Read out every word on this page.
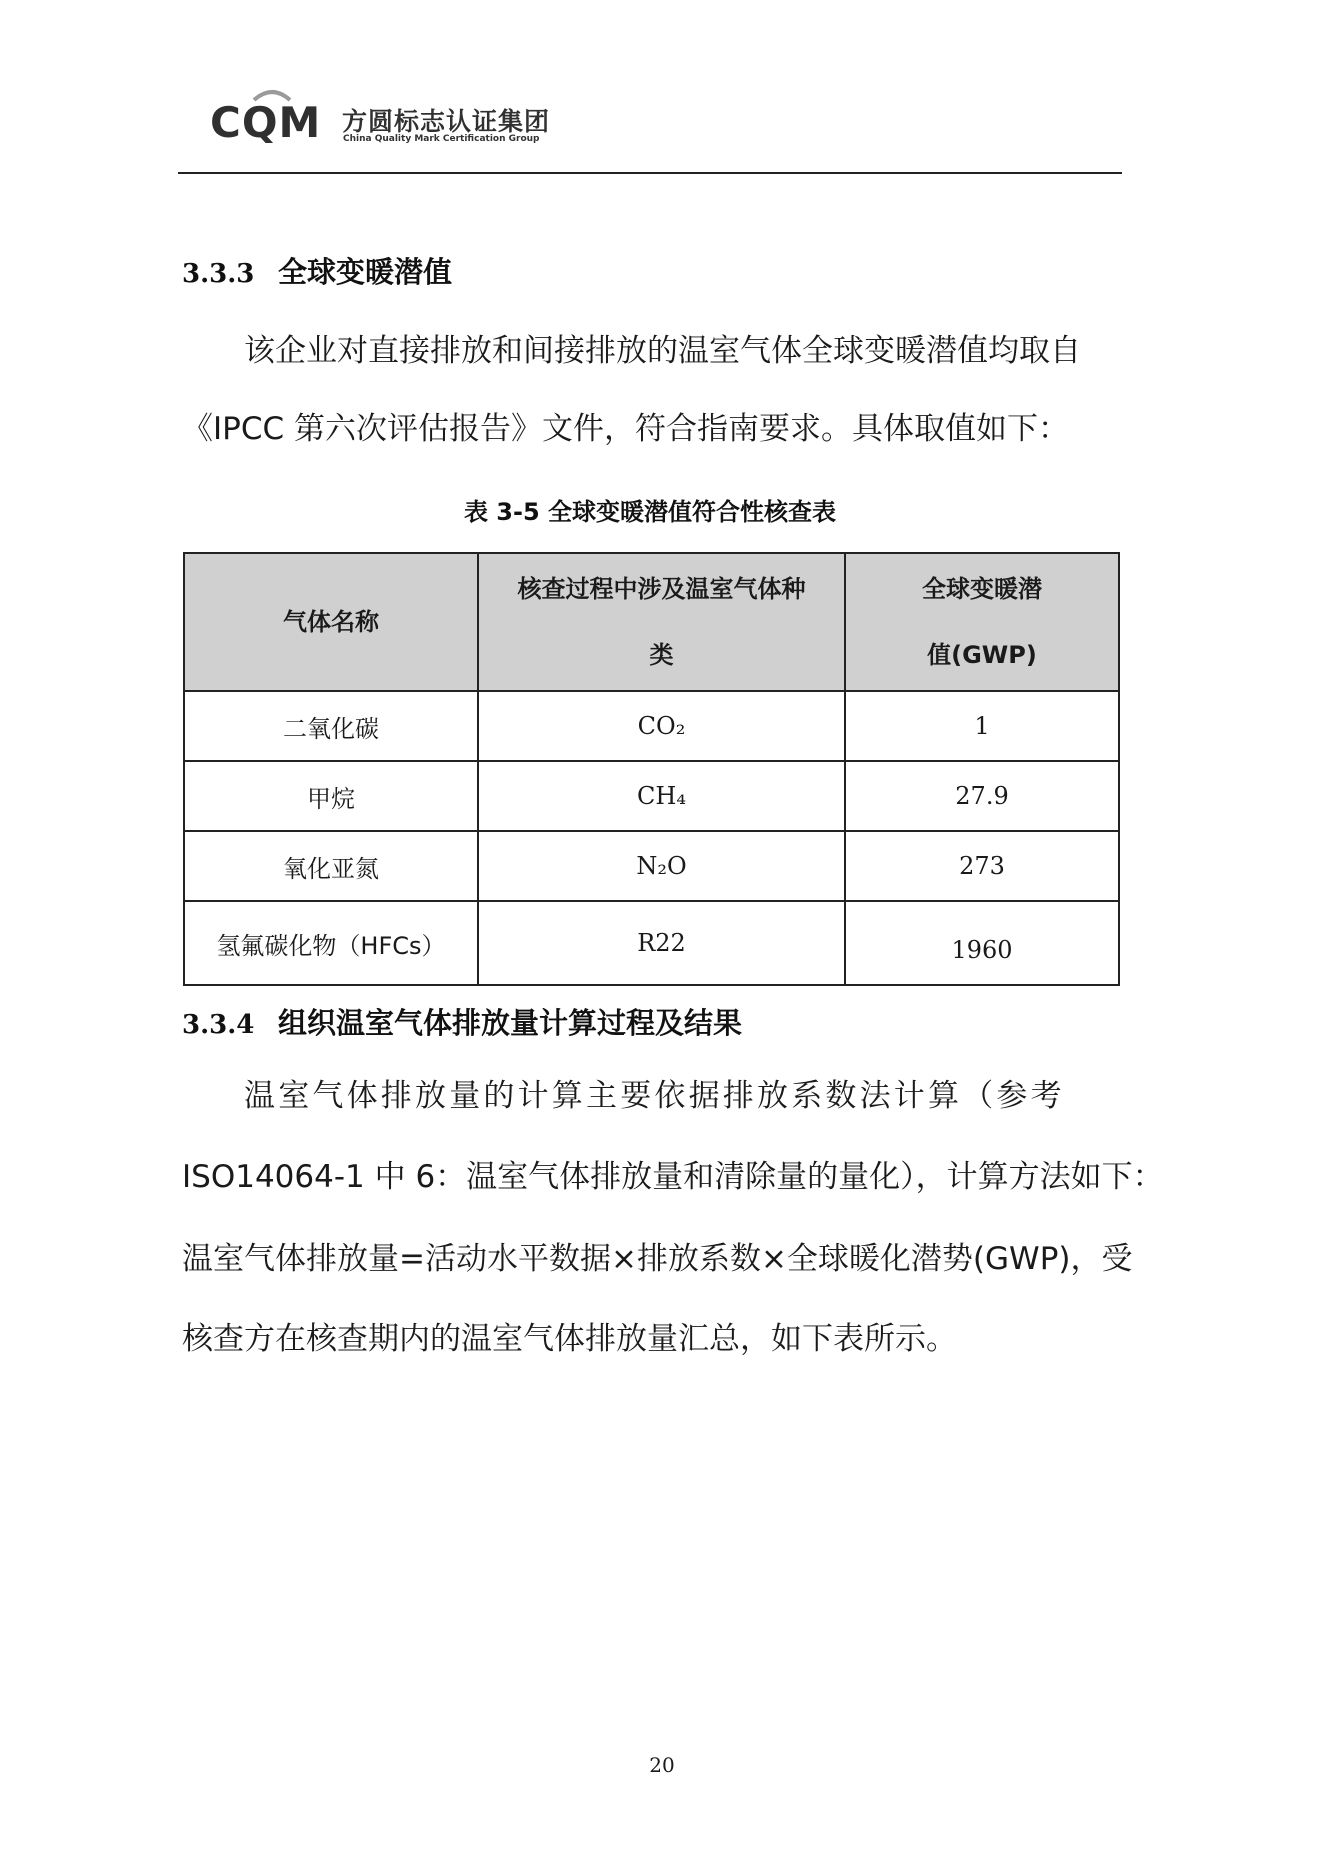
CQM 方圆标志认证集团
China Quality Mark Certification Group
3.3.3 全球变暖潜值
该企业对直接排放和间接排放的温室气体全球变暖潜值均取自
《IPCC 第六次评估报告》文件，符合指南要求。具体取值如下：
表 3-5 全球变暖潜值符合性核查表
气体名称	核查过程中涉及温室气体种类	全球变暖潜值(GWP)
二氧化碳	CO₂	1
甲烷	CH₄	27.9
氧化亚氮	N₂O	273
氢氟碳化物（HFCs）	R22	1960
3.3.4 组织温室气体排放量计算过程及结果
温室气体排放量的计算主要依据排放系数法计算（参考
ISO14064-1 中 6：温室气体排放量和清除量的量化），计算方法如下：
温室气体排放量=活动水平数据×排放系数×全球暖化潜势(GWP)，受
核查方在核查期内的温室气体排放量汇总，如下表所示。
20
